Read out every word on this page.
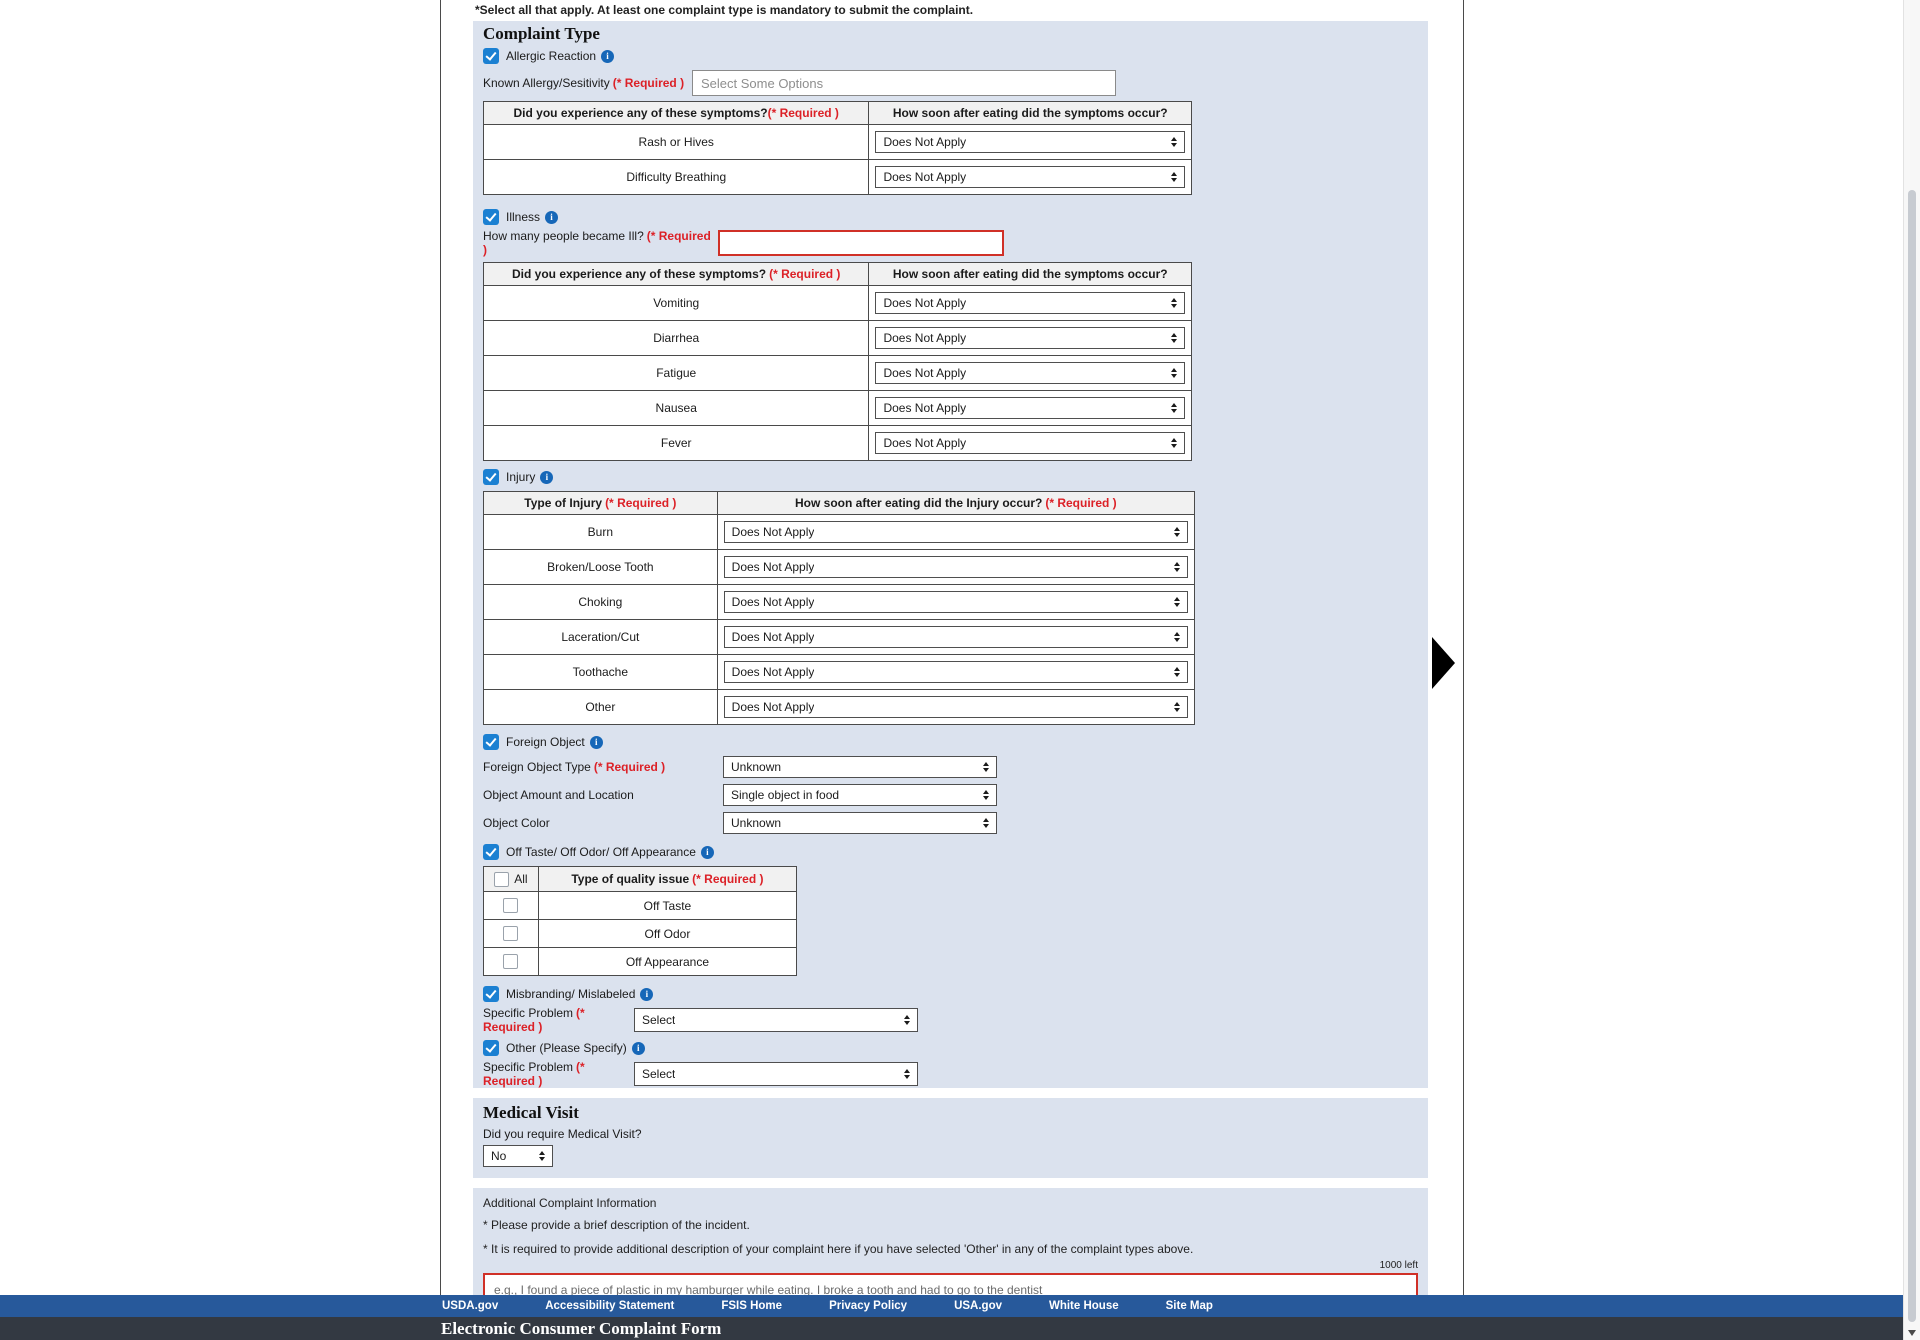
*Select all that apply. At least one complaint type is mandatory to submit the complaint.
Complaint Type
Allergic Reaction
i
Known Allergy/Sesitivity (* Required )
Select Some Options
Did you experience any of these symptoms? (* Required )	How soon after eating did the symptoms occur?
Rash or Hives	Does Not Apply
Difficulty Breathing	Does Not Apply
Illness
i
How many people became Ill? (* Required )
Did you experience any of these symptoms? (* Required )	How soon after eating did the symptoms occur?
Vomiting	Does Not Apply
Diarrhea	Does Not Apply
Fatigue	Does Not Apply
Nausea	Does Not Apply
Fever	Does Not Apply
Injury
i
Type of Injury (* Required )	How soon after eating did the Injury occur? (* Required )
Burn	Does Not Apply
Broken/Loose Tooth	Does Not Apply
Choking	Does Not Apply
Laceration/Cut	Does Not Apply
Toothache	Does Not Apply
Other	Does Not Apply
Foreign Object
i
Foreign Object Type (* Required )	Unknown
Object Amount and Location	Single object in food
Object Color	Unknown
Off Taste/ Off Odor/ Off Appearance
i
All	Type of quality issue (* Required )
Off Taste
Off Odor
Off Appearance
Misbranding/ Mislabeled
i
Specific Problem (* Required )	Select
Other (Please Specify)
i
Specific Problem (* Required )	Select
Medical Visit
Did you require Medical Visit?
No
Additional Complaint Information
* Please provide a brief description of the incident.
* It is required to provide additional description of your complaint here if you have selected 'Other' in any of the complaint types above.
1000 left
e.g., I found a piece of plastic in my hamburger while eating. I broke a tooth and had to go to the dentist
USDA.gov	Accessibility Statement	FSIS Home	Privacy Policy	USA.gov	White House	Site Map
Electronic Consumer Complaint Form
